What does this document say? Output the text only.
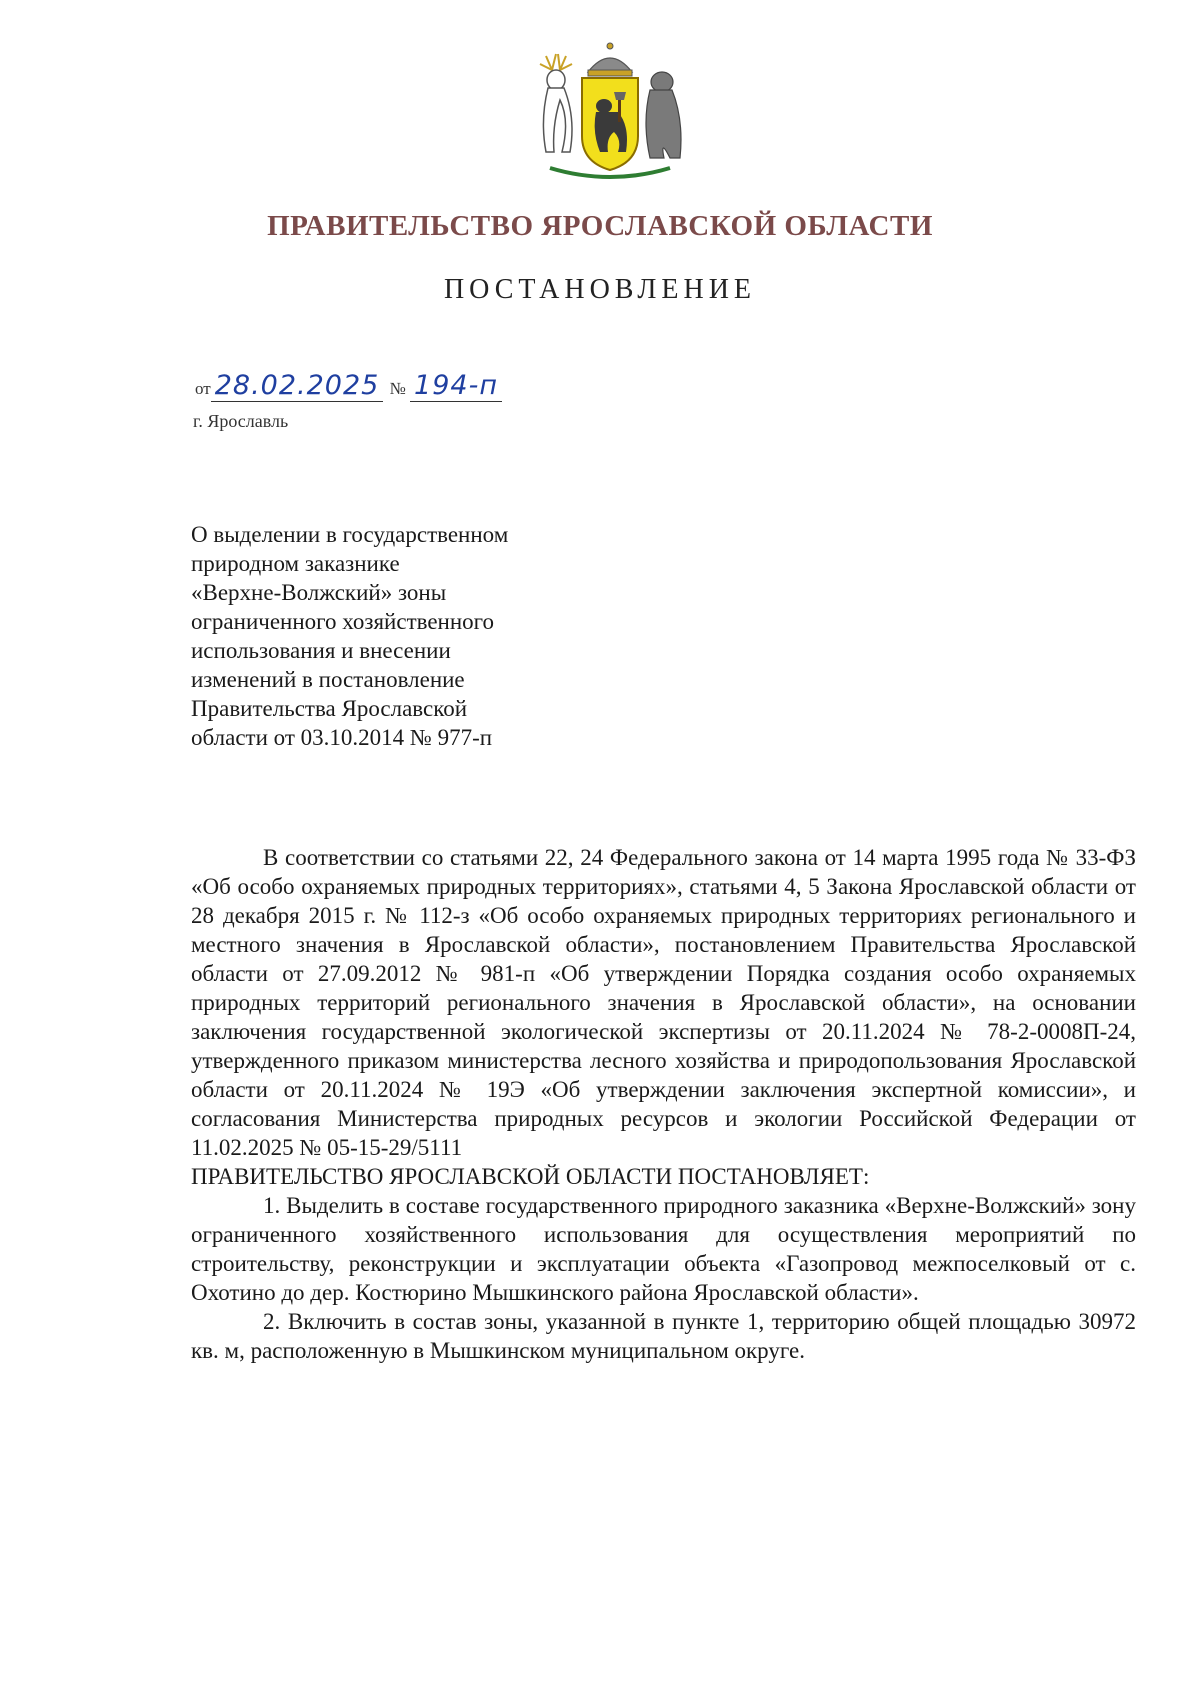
ПРАВИТЕЛЬСТВО ЯРОСЛАВСКОЙ ОБЛАСТИ
ПОСТАНОВЛЕНИЕ
от 28.02.2025 № 194-п
г. Ярославль
О выделении в государственном
природном заказнике
«Верхне-Волжский» зоны
ограниченного хозяйственного
использования и внесении
изменений в постановление
Правительства Ярославской
области от 03.10.2014 № 977-п

В соответствии со статьями 22, 24 Федерального закона от 14 марта 1995 года № 33-ФЗ «Об особо охраняемых природных территориях», статьями 4, 5 Закона Ярославской области от 28 декабря 2015 г. № 112-з «Об особо охраняемых природных территориях регионального и местного значения в Ярославской области», постановлением Правительства Ярославской области от 27.09.2012 № 981-п «Об утверждении Порядка создания особо охраняемых природных территорий регионального значения в Ярославской области», на основании заключения государственной экологической экспертизы от 20.11.2024 № 78-2-0008П-24, утвержденного приказом министерства лесного хозяйства и природопользования Ярославской области от 20.11.2024 № 19Э «Об утверждении заключения экспертной комиссии», и согласования Министерства природных ресурсов и экологии Российской Федерации от 11.02.2025 № 05-15-29/5111

ПРАВИТЕЛЬСТВО ЯРОСЛАВСКОЙ ОБЛАСТИ ПОСТАНОВЛЯЕТ:

1. Выделить в составе государственного природного заказника «Верхне-Волжский» зону ограниченного хозяйственного использования для осуществления мероприятий по строительству, реконструкции и эксплуатации объекта «Газопровод межпоселковый от с. Охотино до дер. Костюрино Мышкинского района Ярославской области».

2. Включить в состав зоны, указанной в пункте 1, территорию общей площадью 30972 кв. м, расположенную в Мышкинском муниципальном округе.
